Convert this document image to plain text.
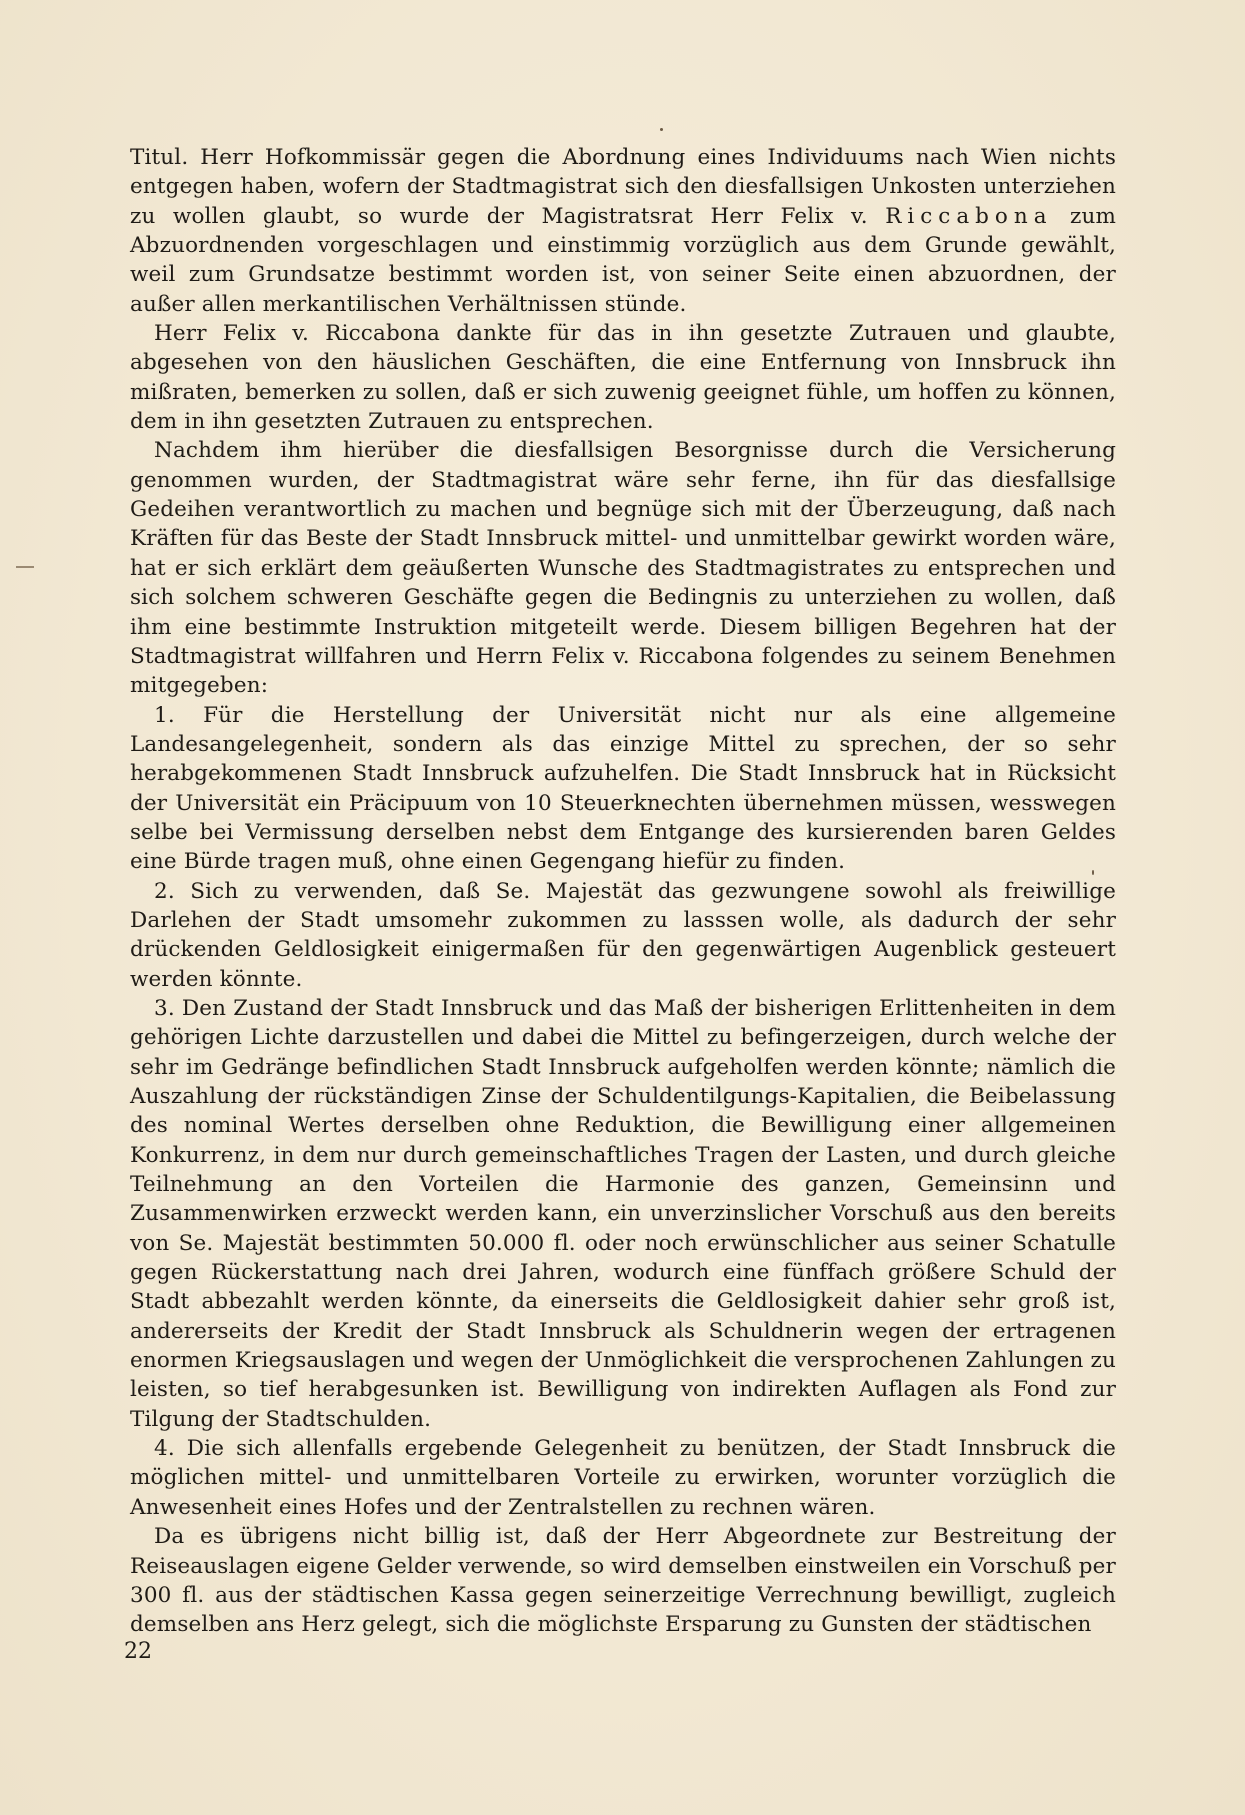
Titul. Herr Hofkommissär gegen die Abordnung eines Individuums nach Wien nichts entgegen haben, wofern der Stadtmagistrat sich den diesfallsigen Unkosten unterziehen zu wollen glaubt, so wurde der Magistratsrat Herr Felix v. Riccabona zum Abzuordnenden vorgeschlagen und einstimmig vorzüglich aus dem Grunde gewählt, weil zum Grundsatze bestimmt worden ist, von seiner Seite einen abzuordnen, der außer allen merkantilischen Verhältnissen stünde.

Herr Felix v. Riccabona dankte für das in ihn gesetzte Zutrauen und glaubte, abgesehen von den häuslichen Geschäften, die eine Entfernung von Innsbruck ihn mißraten, bemerken zu sollen, daß er sich zuwenig geeignet fühle, um hoffen zu können, dem in ihn gesetzten Zutrauen zu entsprechen.

Nachdem ihm hierüber die diesfallsigen Besorgnisse durch die Versicherung genommen wurden, der Stadtmagistrat wäre sehr ferne, ihn für das diesfallsige Gedeihen verantwortlich zu machen und begnüge sich mit der Überzeugung, daß nach Kräften für das Beste der Stadt Innsbruck mittel- und unmittelbar gewirkt worden wäre, hat er sich erklärt dem geäußerten Wunsche des Stadtmagistrates zu entsprechen und sich solchem schweren Geschäfte gegen die Bedingnis zu unterziehen zu wollen, daß ihm eine bestimmte Instruktion mitgeteilt werde. Diesem billigen Begehren hat der Stadtmagistrat willfahren und Herrn Felix v. Riccabona folgendes zu seinem Benehmen mitgegeben:

1. Für die Herstellung der Universität nicht nur als eine allgemeine Landesangelegenheit, sondern als das einzige Mittel zu sprechen, der so sehr herabgekommenen Stadt Innsbruck aufzuhelfen. Die Stadt Innsbruck hat in Rücksicht der Universität ein Präcipuum von 10 Steuerknechten übernehmen müssen, wesswegen selbe bei Vermissung derselben nebst dem Entgange des kursierenden baren Geldes eine Bürde tragen muß, ohne einen Gegengang hiefür zu finden.

2. Sich zu verwenden, daß Se. Majestät das gezwungene sowohl als freiwillige Darlehen der Stadt umsomehr zukommen zu lasssen wolle, als dadurch der sehr drückenden Geldlosigkeit einigermaßen für den gegenwärtigen Augenblick gesteuert werden könnte.

3. Den Zustand der Stadt Innsbruck und das Maß der bisherigen Erlittenheiten in dem gehörigen Lichte darzustellen und dabei die Mittel zu befingerzeigen, durch welche der sehr im Gedränge befindlichen Stadt Innsbruck aufgeholfen werden könnte; nämlich die Auszahlung der rückständigen Zinse der Schuldentilgungs-Kapitalien, die Beibelassung des nominal Wertes derselben ohne Reduktion, die Bewilligung einer allgemeinen Konkurrenz, in dem nur durch gemeinschaftliches Tragen der Lasten, und durch gleiche Teilnehmung an den Vorteilen die Harmonie des ganzen, Gemeinsinn und Zusammenwirken erzweckt werden kann, ein unverzinslicher Vorschuß aus den bereits von Se. Majestät bestimmten 50.000 fl. oder noch erwünschlicher aus seiner Schatulle gegen Rückerstattung nach drei Jahren, wodurch eine fünffach größere Schuld der Stadt abbezahlt werden könnte, da einerseits die Geldlosigkeit dahier sehr groß ist, andererseits der Kredit der Stadt Innsbruck als Schuldnerin wegen der ertragenen enormen Kriegsauslagen und wegen der Unmöglichkeit die versprochenen Zahlungen zu leisten, so tief herabgesunken ist. Bewilligung von indirekten Auflagen als Fond zur Tilgung der Stadtschulden.

4. Die sich allenfalls ergebende Gelegenheit zu benützen, der Stadt Innsbruck die möglichen mittel- und unmittelbaren Vorteile zu erwirken, worunter vorzüglich die Anwesenheit eines Hofes und der Zentralstellen zu rechnen wären.

Da es übrigens nicht billig ist, daß der Herr Abgeordnete zur Bestreitung der Reiseauslagen eigene Gelder verwende, so wird demselben einstweilen ein Vorschuß per 300 fl. aus der städtischen Kassa gegen seinerzeitige Verrechnung bewilligt, zugleich demselben ans Herz gelegt, sich die möglichste Ersparung zu Gunsten der städtischen

22
